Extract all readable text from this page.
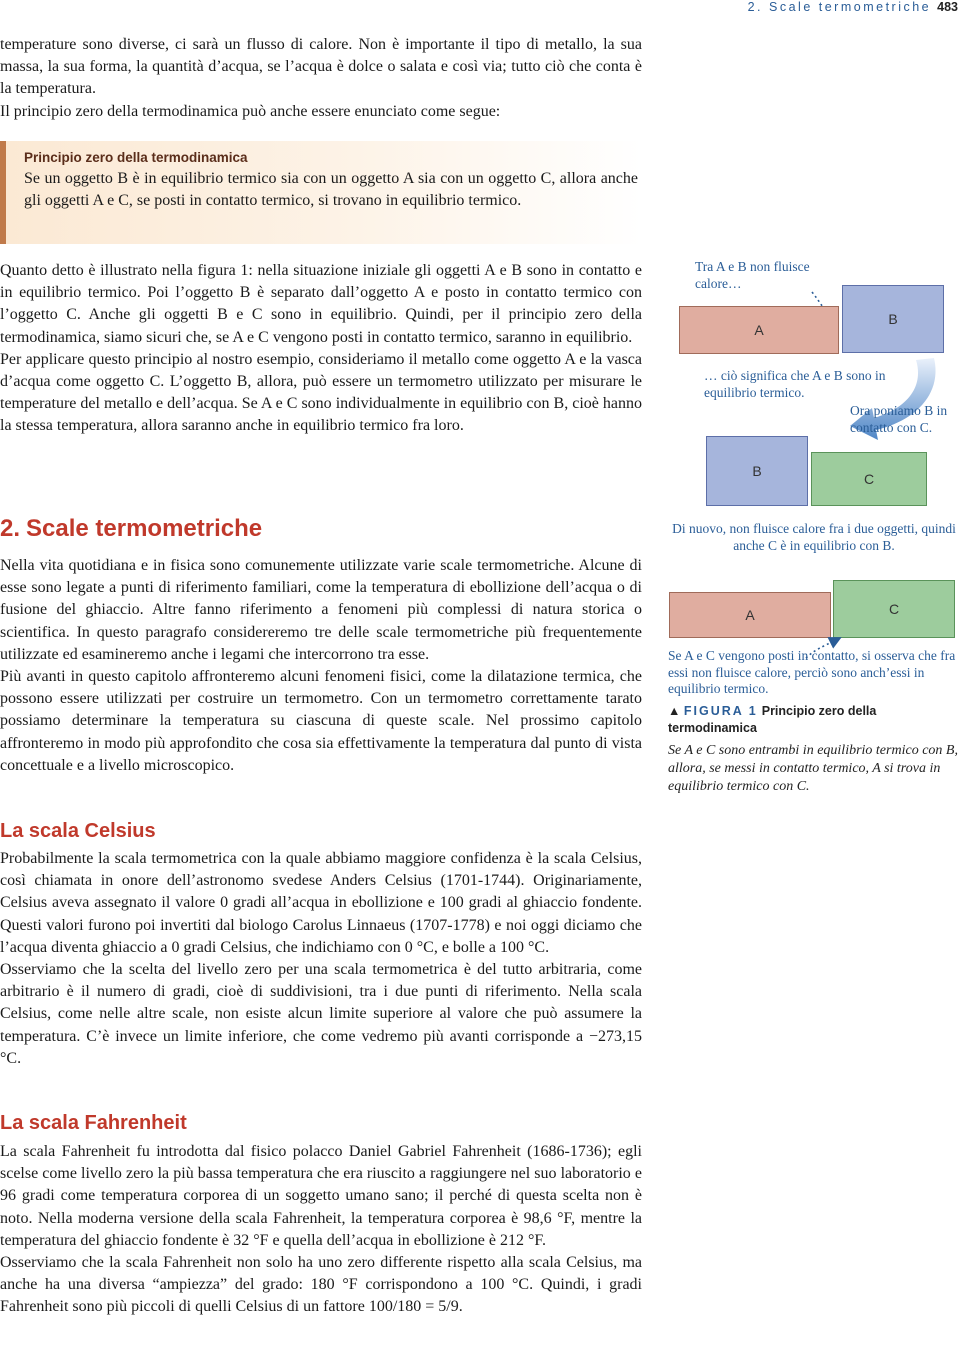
2. Scale termometriche 483

temperature sono diverse, ci sarà un flusso di calore. Non è importante il tipo di metallo, la sua massa, la sua forma, la quantità d’acqua, se l’acqua è dolce o salata e così via; tutto ciò che conta è la temperatura.

Il principio zero della termodinamica può anche essere enunciato come segue:

Principio zero della termodinamica
Se un oggetto B è in equilibrio termico sia con un oggetto A sia con un oggetto C, allora anche gli oggetti A e C, se posti in contatto termico, si trovano in equilibrio termico.

Quanto detto è illustrato nella figura 1: nella situazione iniziale gli oggetti A e B sono in contatto e in equilibrio termico. Poi l’oggetto B è separato dall’oggetto A e posto in contatto termico con l’oggetto C. Anche gli oggetti B e C sono in equilibrio. Quindi, per il principio zero della termodinamica, siamo sicuri che, se A e C vengono posti in contatto termico, saranno in equilibrio.

Per applicare questo principio al nostro esempio, consideriamo il metallo come oggetto A e la vasca d’acqua come oggetto C. L’oggetto B, allora, può essere un termometro utilizzato per misurare le temperature del metallo e dell’acqua. Se A e C sono individualmente in equilibrio con B, cioè hanno la stessa temperatura, allora saranno anche in equilibrio termico fra loro.

2. Scale termometriche

Nella vita quotidiana e in fisica sono comunemente utilizzate varie scale termometriche. Alcune di esse sono legate a punti di riferimento familiari, come la temperatura di ebollizione dell’acqua o di fusione del ghiaccio. Altre fanno riferimento a fenomeni più complessi di natura storica o scientifica. In questo paragrafo considereremo tre delle scale termometriche più frequentemente utilizzate ed esamineremo anche i legami che intercorrono tra esse.

Più avanti in questo capitolo affronteremo alcuni fenomeni fisici, come la dilatazione termica, che possono essere utilizzati per costruire un termometro. Con un termometro correttamente tarato possiamo determinare la temperatura su ciascuna di queste scale. Nel prossimo capitolo affronteremo in modo più approfondito che cosa sia effettivamente la temperatura dal punto di vista concettuale e a livello microscopico.

La scala Celsius

Probabilmente la scala termometrica con la quale abbiamo maggiore confidenza è la scala Celsius, così chiamata in onore dell’astronomo svedese Anders Celsius (1701-1744). Originariamente, Celsius aveva assegnato il valore 0 gradi all’acqua in ebollizione e 100 gradi al ghiaccio fondente. Questi valori furono poi invertiti dal biologo Carolus Linnaeus (1707-1778) e noi oggi diciamo che l’acqua diventa ghiaccio a 0 gradi Celsius, che indichiamo con 0 °C, e bolle a 100 °C.

Osserviamo che la scelta del livello zero per una scala termometrica è del tutto arbitraria, come arbitrario è il numero di gradi, cioè di suddivisioni, tra i due punti di riferimento. Nella scala Celsius, come nelle altre scale, non esiste alcun limite superiore al valore che può assumere la temperatura. C’è invece un limite inferiore, che come vedremo più avanti corrisponde a −273,15 °C.

La scala Fahrenheit

La scala Fahrenheit fu introdotta dal fisico polacco Daniel Gabriel Fahrenheit (1686-1736); egli scelse come livello zero la più bassa temperatura che era riuscito a raggiungere nel suo laboratorio e 96 gradi come temperatura corporea di un soggetto umano sano; il perché di questa scelta non è noto. Nella moderna versione della scala Fahrenheit, la temperatura corporea è 98,6 °F, mentre la temperatura del ghiaccio fondente è 32 °F e quella dell’acqua in ebollizione è 212 °F.

Osserviamo che la scala Fahrenheit non solo ha uno zero differente rispetto alla scala Celsius, ma anche ha una diversa “ampiezza” del grado: 180 °F corrispondono a 100 °C. Quindi, i gradi Fahrenheit sono più piccoli di quelli Celsius di un fattore 100/180 = 5/9.

Tra A e B non fluisce calore…
A
B
… ciò significa che A e B sono in equilibrio termico.
Ora poniamo B in contatto con C.
B	C
Di nuovo, non fluisce calore fra i due oggetti, quindi anche C è in equilibrio con B.
A	C
Se A e C vengono posti in contatto, si osserva che fra essi non fluisce calore, perciò sono anch’essi in equilibrio termico.
▲ FIGURA 1 Principio zero della termodinamica
Se A e C sono entrambi in equilibrio termico con B, allora, se messi in contatto termico, A si trova in equilibrio termico con C.
